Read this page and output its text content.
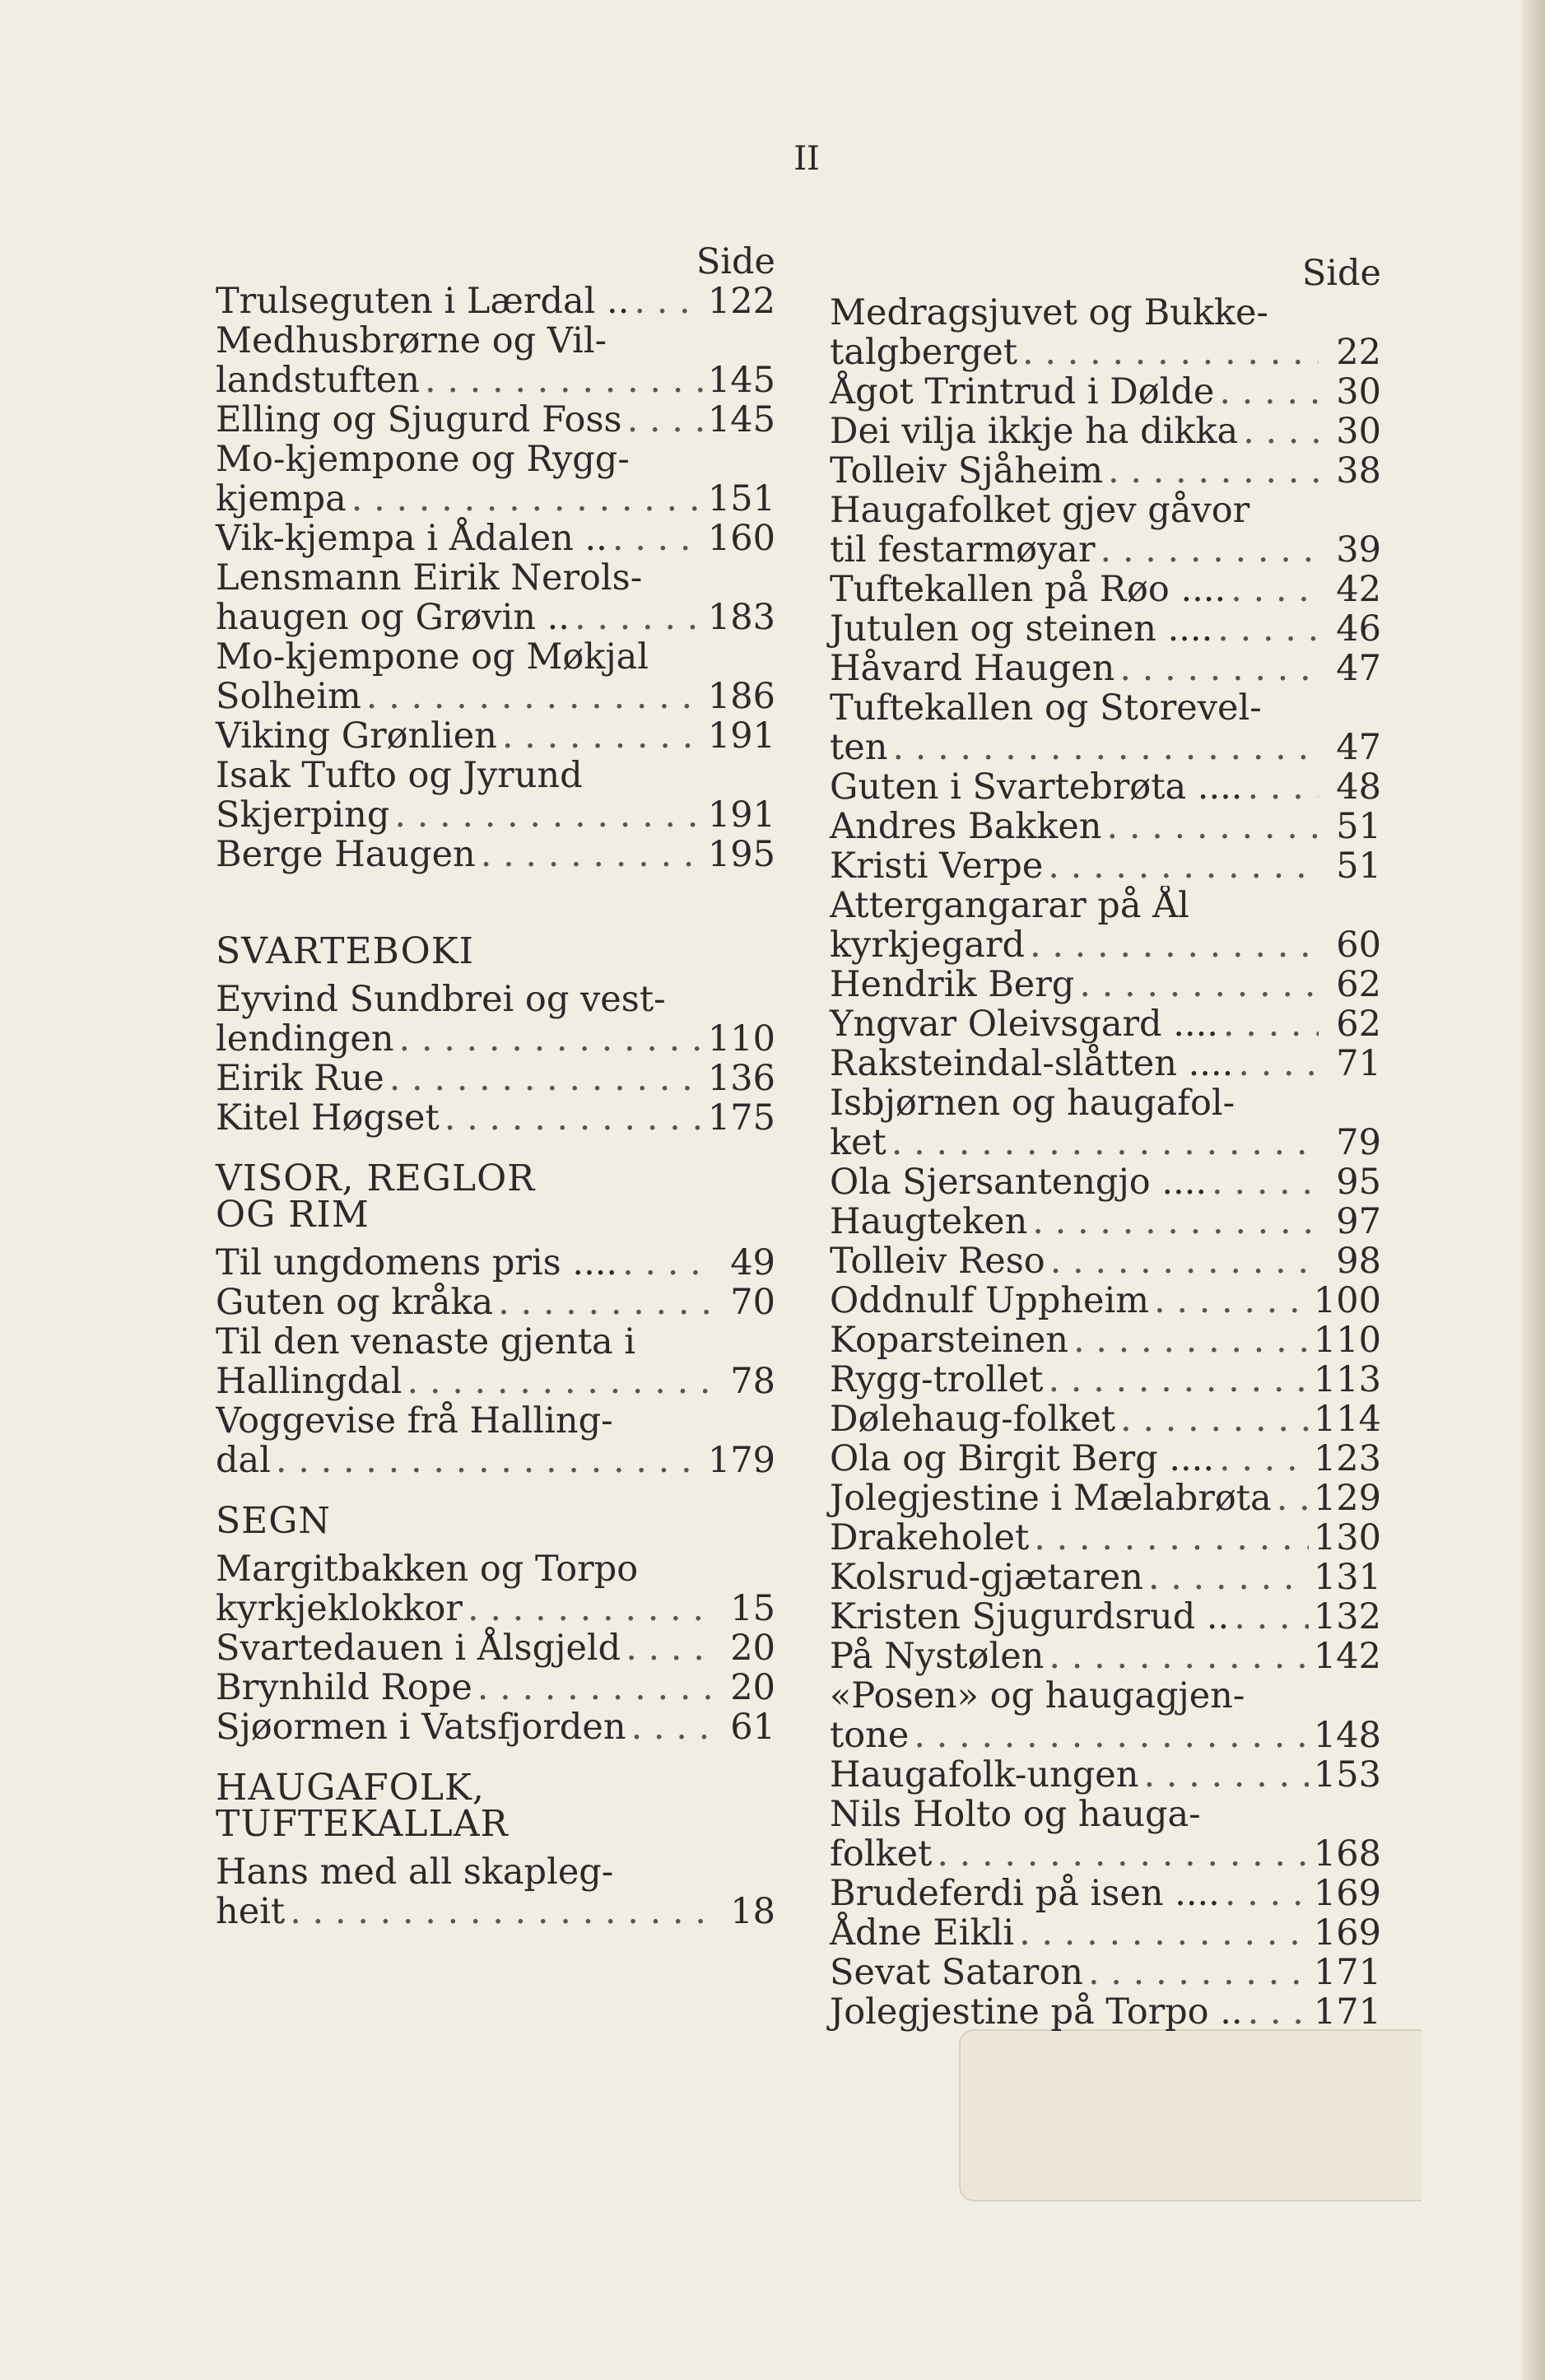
II
Side
Trulseguten i Lærdal .. . . . 122
Medhusbrørne og Vil-
landstuften . . .	145
Elling og Sjugurd Foss . . . 145
Mo-kjempone og Rygg-
kjempa . . .	151
Vik-kjempa i Ådalen .. . . .	160
Lensmann Eirik Nerols-
haugen og Grøvin .. . . .	183
Mo-kjempone og Møkjal
Solheim . . .	186
Viking Grønlien . . .	191
Isak Tufto og Jyrund
Skjerping . . .	191
Berge Haugen . . .	195
SVARTEBOKI
Eyvind Sundbrei og vest-
lendingen . . .	110
Eirik Rue . . .	136
Kitel Høgset . . .	175
VISOR, REGLOR
OG RIM
Til ungdomens pris .... . . .	49
Guten og kråka . . .	70
Til den venaste gjenta i
Hallingdal . . .	78
Voggevise frå Halling-
dal . . .	179
SEGN
Margitbakken og Torpo
kyrkjeklokkor . . .	15
Svartedauen i Ålsgjeld . . .	20
Brynhild Rope . . .	20
Sjøormen i Vatsfjorden . . .	61
HAUGAFOLK,
TUFTEKALLAR
Hans med all skapleg-
heit . . .	18
Side
Medragsjuvet og Bukke-
talgberget . . .	22
Ågot Trintrud i Dølde . . .	30
Dei vilja ikkje ha dikka . . .	30
Tolleiv Sjåheim . . .	38
Haugafolket gjev gåvor
til festarmøyar . . .	39
Tuftekallen på Røo .... . . .	42
Jutulen og steinen .... . . .	46
Håvard Haugen . . .	47
Tuftekallen og Storevel-
ten . . .	47
Guten i Svartebrøta .... . . .	48
Andres Bakken . . .	51
Kristi Verpe . . .	51
Attergangarar på Ål
kyrkjegard . . .	60
Hendrik Berg . . .	62
Yngvar Oleivsgard .... . . .	62
Raksteindal-slåtten .... . . .	71
Isbjørnen og haugafol-
ket . . .	79
Ola Sjersantengjo .... . . .	95
Haugteken . . .	97
Tolleiv Reso . . .	98
Oddnulf Uppheim . . .	100
Koparsteinen . . .	110
Rygg-trollet . . .	113
Dølehaug-folket . . .	114
Ola og Birgit Berg .... . . .	123
Jolegjestine i Mælabrøta . . . 129
Drakeholet . . .	130
Kolsrud-gjætaren . . .	131
Kristen Sjugurdsrud .. . . . 132
På Nystølen . . .	142
«Posen» og haugagjen-
tone . . .	148
Haugafolk-ungen . . .	153
Nils Holto og hauga-
folket . . .	168
Brudeferdi på isen .... . . .	169
Ådne Eikli . . .	169
Sevat Sataron . . .	171
Jolegjestine på Torpo .. . . . 171
